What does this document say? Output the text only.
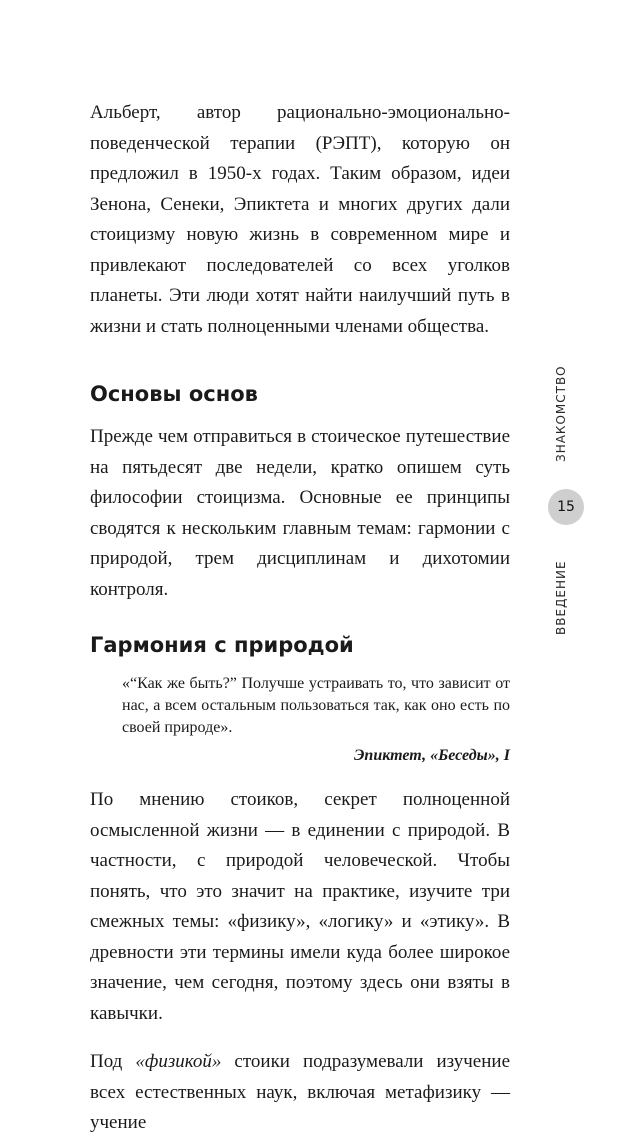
Альберт, автор рационально-эмоционально-поведенческой терапии (РЭПТ), которую он предложил в 1950-х годах. Таким образом, идеи Зенона, Сенеки, Эпиктета и многих других дали стоицизму новую жизнь в современном мире и привлекают последователей со всех уголков планеты. Эти люди хотят найти наилучший путь в жизни и стать полноценными членами общества.

Основы основ

Прежде чем отправиться в стоическое путешествие на пятьдесят две недели, кратко опишем суть философии стоицизма. Основные ее принципы сводятся к нескольким главным темам: гармонии с природой, трем дисциплинам и дихотомии контроля.

Гармония с природой

«“Как же быть?” Получше устраивать то, что зависит от нас, а всем остальным пользоваться так, как оно есть по своей природе».

Эпиктет, «Беседы», I

По мнению стоиков, секрет полноценной осмысленной жизни — в единении с природой. В частности, с природой человеческой. Чтобы понять, что это значит на практике, изучите три смежных темы: «физику», «логику» и «этику». В древности эти термины имели куда более широкое значение, чем сегодня, поэтому здесь они взяты в кавычки.

Под «физикой» стоики подразумевали изучение всех естественных наук, включая метафизику — учение

ЗНАКОМСТВО
15
ВВЕДЕНИЕ
